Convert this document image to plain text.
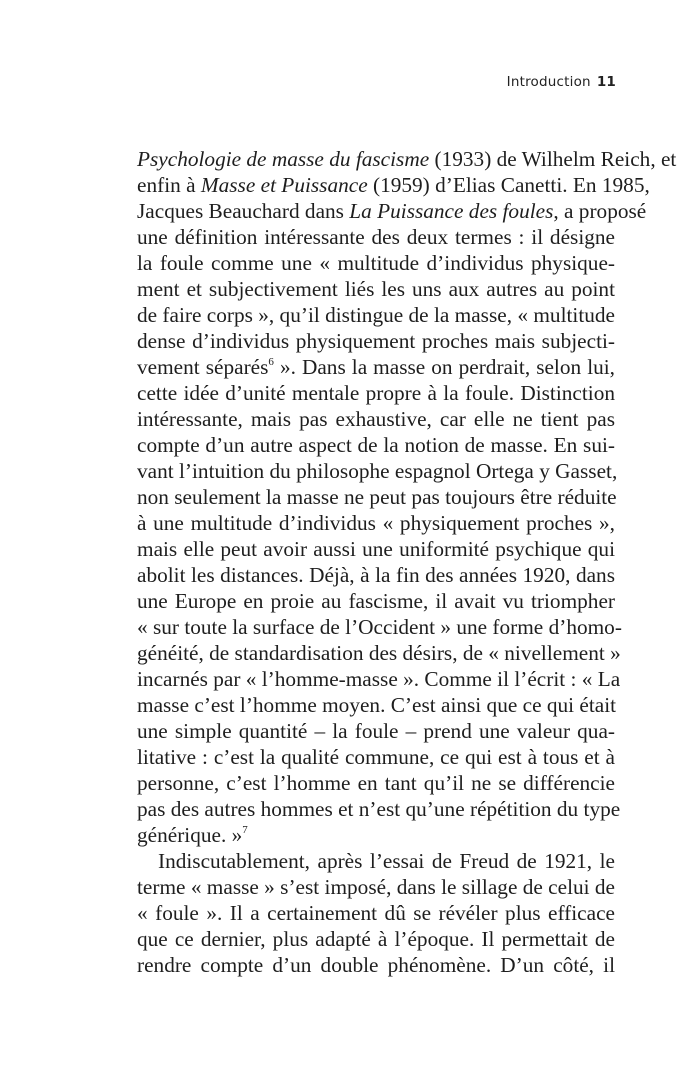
Introduction 11
Psychologie de masse du fascisme (1933) de Wilhelm Reich, et
enfin à Masse et Puissance (1959) d’Elias Canetti. En 1985,
Jacques Beauchard dans La Puissance des foules, a proposé
une définition intéressante des deux termes : il désigne
la foule comme une « multitude d’individus physique-
ment et subjectivement liés les uns aux autres au point
de faire corps », qu’il distingue de la masse, « multitude
dense d’individus physiquement proches mais subjecti-
vement séparés$^6$ ». Dans la masse on perdrait, selon lui,
cette idée d’unité mentale propre à la foule. Distinction
intéressante, mais pas exhaustive, car elle ne tient pas
compte d’un autre aspect de la notion de masse. En sui-
vant l’intuition du philosophe espagnol Ortega y Gasset,
non seulement la masse ne peut pas toujours être réduite
à une multitude d’individus « physiquement proches »,
mais elle peut avoir aussi une uniformité psychique qui
abolit les distances. Déjà, à la fin des années 1920, dans
une Europe en proie au fascisme, il avait vu triompher
« sur toute la surface de l’Occident » une forme d’homo-
généité, de standardisation des désirs, de « nivellement »
incarnés par « l’homme-masse ». Comme il l’écrit : « La
masse c’est l’homme moyen. C’est ainsi que ce qui était
une simple quantité – la foule – prend une valeur qua-
litative : c’est la qualité commune, ce qui est à tous et à
personne, c’est l’homme en tant qu’il ne se différencie
pas des autres hommes et n’est qu’une répétition du type
générique. »$^7$
Indiscutablement, après l’essai de Freud de 1921, le
terme « masse » s’est imposé, dans le sillage de celui de
« foule ». Il a certainement dû se révéler plus efficace
que ce dernier, plus adapté à l’époque. Il permettait de
rendre compte d’un double phénomène. D’un côté, il
